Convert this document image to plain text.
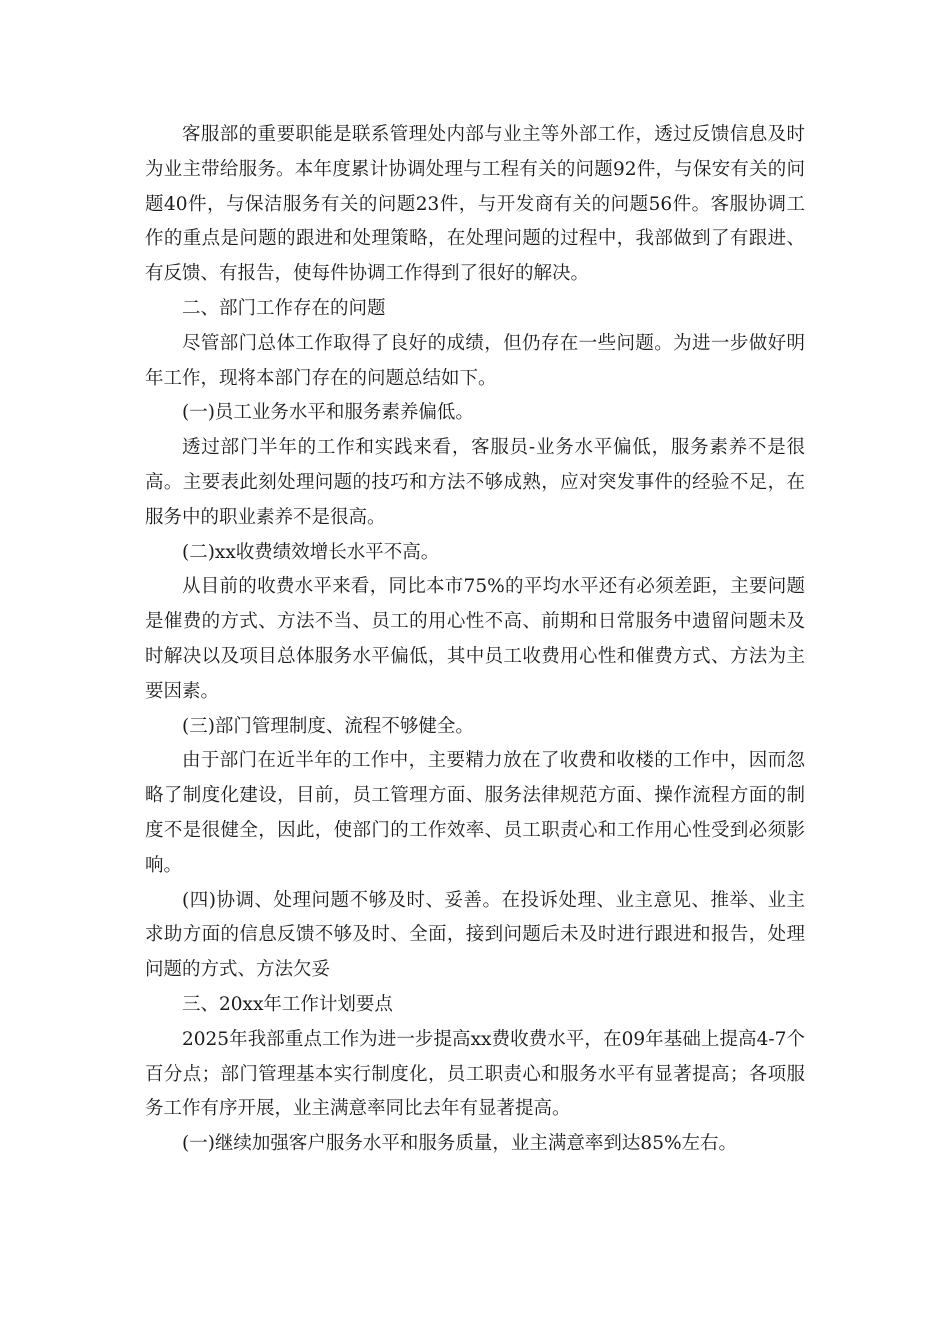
客服部的重要职能是联系管理处内部与业主等外部工作，透过反馈信息及时为业主带给服务。本年度累计协调处理与工程有关的问题92件，与保安有关的问题40件，与保洁服务有关的问题23件，与开发商有关的问题56件。客服协调工作的重点是问题的跟进和处理策略，在处理问题的过程中，我部做到了有跟进、有反馈、有报告，使每件协调工作得到了很好的解决。

二、部门工作存在的问题

尽管部门总体工作取得了良好的成绩，但仍存在一些问题。为进一步做好明年工作，现将本部门存在的问题总结如下。

(一)员工业务水平和服务素养偏低。

透过部门半年的工作和实践来看，客服员-业务水平偏低，服务素养不是很高。主要表此刻处理问题的技巧和方法不够成熟，应对突发事件的经验不足，在服务中的职业素养不是很高。

(二)xx收费绩效增长水平不高。

从目前的收费水平来看，同比本市75%的平均水平还有必须差距，主要问题是催费的方式、方法不当、员工的用心性不高、前期和日常服务中遗留问题未及时解决以及项目总体服务水平偏低，其中员工收费用心性和催费方式、方法为主要因素。

(三)部门管理制度、流程不够健全。

由于部门在近半年的工作中，主要精力放在了收费和收楼的工作中，因而忽略了制度化建设，目前，员工管理方面、服务法律规范方面、操作流程方面的制度不是很健全，因此，使部门的工作效率、员工职责心和工作用心性受到必须影响。

(四)协调、处理问题不够及时、妥善。在投诉处理、业主意见、推举、业主求助方面的信息反馈不够及时、全面，接到问题后未及时进行跟进和报告，处理问题的方式、方法欠妥

三、20xx年工作计划要点

2025年我部重点工作为进一步提高xx费收费水平，在09年基础上提高4-7个百分点；部门管理基本实行制度化，员工职责心和服务水平有显著提高；各项服务工作有序开展，业主满意率同比去年有显著提高。

(一)继续加强客户服务水平和服务质量，业主满意率到达85%左右。
